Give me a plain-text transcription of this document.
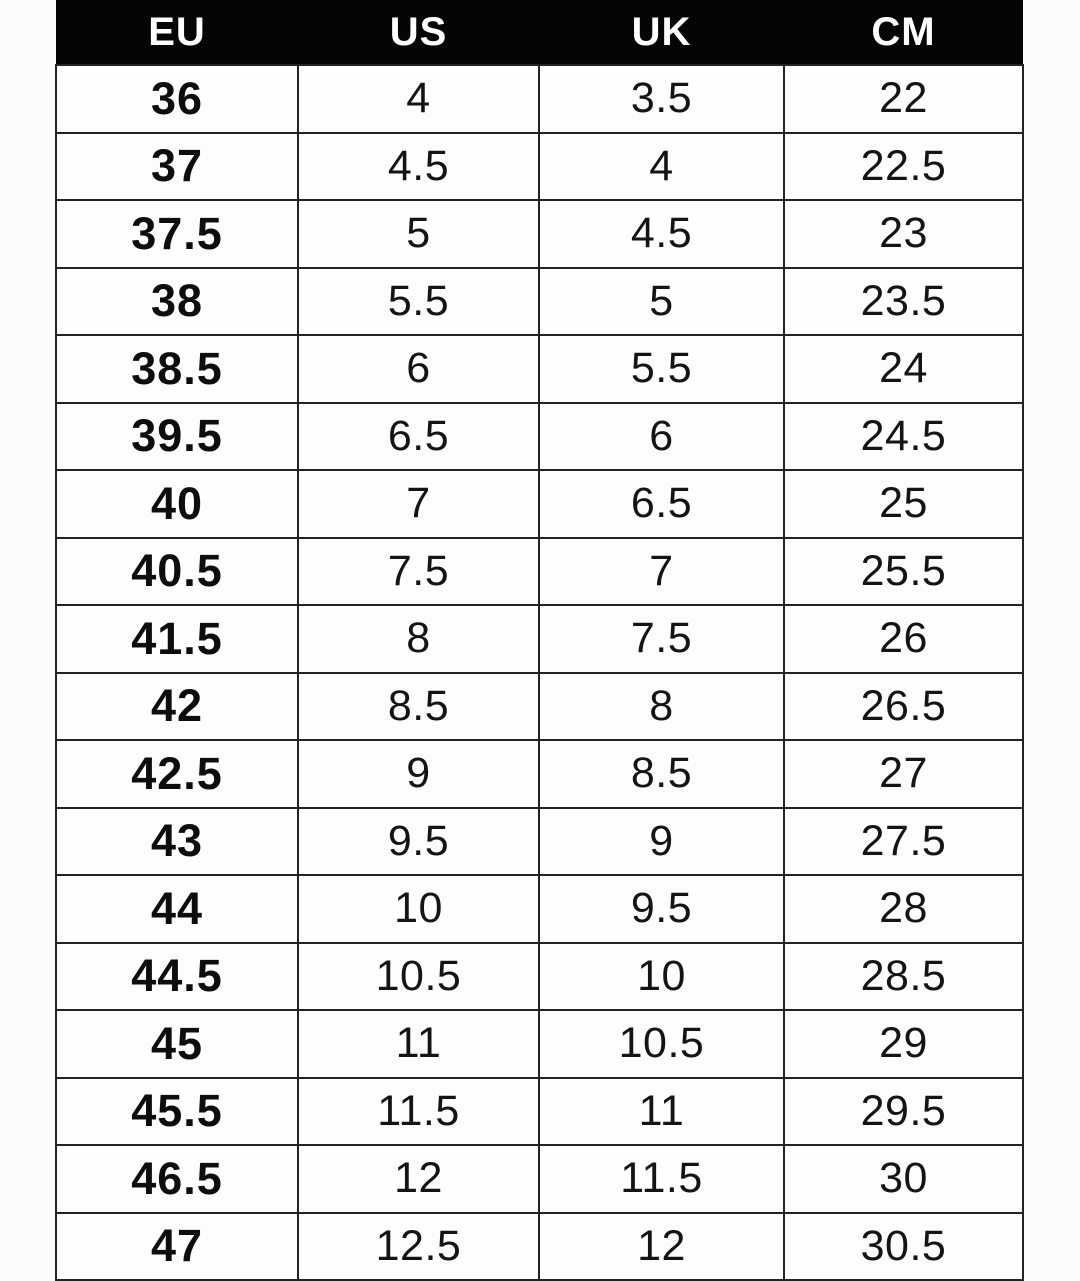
EU	US	UK	CM
36	4	3.5	22
37	4.5	4	22.5
37.5	5	4.5	23
38	5.5	5	23.5
38.5	6	5.5	24
39.5	6.5	6	24.5
40	7	6.5	25
40.5	7.5	7	25.5
41.5	8	7.5	26
42	8.5	8	26.5
42.5	9	8.5	27
43	9.5	9	27.5
44	10	9.5	28
44.5	10.5	10	28.5
45	11	10.5	29
45.5	11.5	11	29.5
46.5	12	11.5	30
47	12.5	12	30.5
